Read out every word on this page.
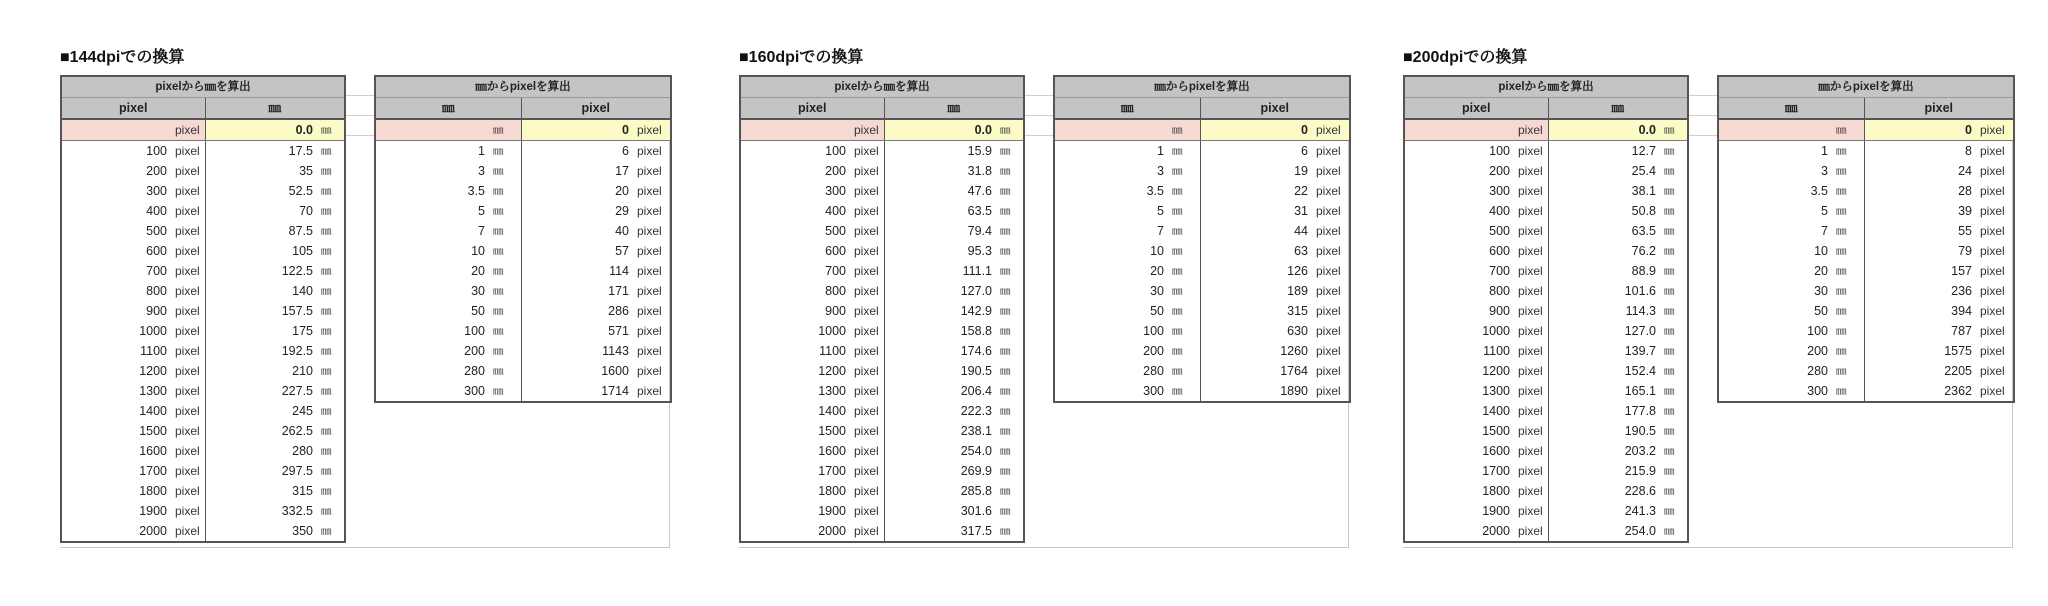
■144dpiでの換算
pixelから㎜を算出			
pixel		㎜	
	pixel	0.0	㎜
100	pixel	17.5	㎜
200	pixel	35	㎜
300	pixel	52.5	㎜
400	pixel	70	㎜
500	pixel	87.5	㎜
600	pixel	105	㎜
700	pixel	122.5	㎜
800	pixel	140	㎜
900	pixel	157.5	㎜
1000	pixel	175	㎜
1100	pixel	192.5	㎜
1200	pixel	210	㎜
1300	pixel	227.5	㎜
1400	pixel	245	㎜
1500	pixel	262.5	㎜
1600	pixel	280	㎜
1700	pixel	297.5	㎜
1800	pixel	315	㎜
1900	pixel	332.5	㎜
2000	pixel	350	㎜
㎜からpixelを算出			
㎜		pixel	
	㎜	0	pixel
1	㎜	6	pixel
3	㎜	17	pixel
3.5	㎜	20	pixel
5	㎜	29	pixel
7	㎜	40	pixel
10	㎜	57	pixel
20	㎜	114	pixel
30	㎜	171	pixel
50	㎜	286	pixel
100	㎜	571	pixel
200	㎜	1143	pixel
280	㎜	1600	pixel
300	㎜	1714	pixel
■160dpiでの換算
pixelから㎜を算出			
pixel		㎜	
	pixel	0.0	㎜
100	pixel	15.9	㎜
200	pixel	31.8	㎜
300	pixel	47.6	㎜
400	pixel	63.5	㎜
500	pixel	79.4	㎜
600	pixel	95.3	㎜
700	pixel	111.1	㎜
800	pixel	127.0	㎜
900	pixel	142.9	㎜
1000	pixel	158.8	㎜
1100	pixel	174.6	㎜
1200	pixel	190.5	㎜
1300	pixel	206.4	㎜
1400	pixel	222.3	㎜
1500	pixel	238.1	㎜
1600	pixel	254.0	㎜
1700	pixel	269.9	㎜
1800	pixel	285.8	㎜
1900	pixel	301.6	㎜
2000	pixel	317.5	㎜
㎜からpixelを算出			
㎜		pixel	
	㎜	0	pixel
1	㎜	6	pixel
3	㎜	19	pixel
3.5	㎜	22	pixel
5	㎜	31	pixel
7	㎜	44	pixel
10	㎜	63	pixel
20	㎜	126	pixel
30	㎜	189	pixel
50	㎜	315	pixel
100	㎜	630	pixel
200	㎜	1260	pixel
280	㎜	1764	pixel
300	㎜	1890	pixel
■200dpiでの換算
pixelから㎜を算出			
pixel		㎜	
	pixel	0.0	㎜
100	pixel	12.7	㎜
200	pixel	25.4	㎜
300	pixel	38.1	㎜
400	pixel	50.8	㎜
500	pixel	63.5	㎜
600	pixel	76.2	㎜
700	pixel	88.9	㎜
800	pixel	101.6	㎜
900	pixel	114.3	㎜
1000	pixel	127.0	㎜
1100	pixel	139.7	㎜
1200	pixel	152.4	㎜
1300	pixel	165.1	㎜
1400	pixel	177.8	㎜
1500	pixel	190.5	㎜
1600	pixel	203.2	㎜
1700	pixel	215.9	㎜
1800	pixel	228.6	㎜
1900	pixel	241.3	㎜
2000	pixel	254.0	㎜
㎜からpixelを算出			
㎜		pixel	
	㎜	0	pixel
1	㎜	8	pixel
3	㎜	24	pixel
3.5	㎜	28	pixel
5	㎜	39	pixel
7	㎜	55	pixel
10	㎜	79	pixel
20	㎜	157	pixel
30	㎜	236	pixel
50	㎜	394	pixel
100	㎜	787	pixel
200	㎜	1575	pixel
280	㎜	2205	pixel
300	㎜	2362	pixel
